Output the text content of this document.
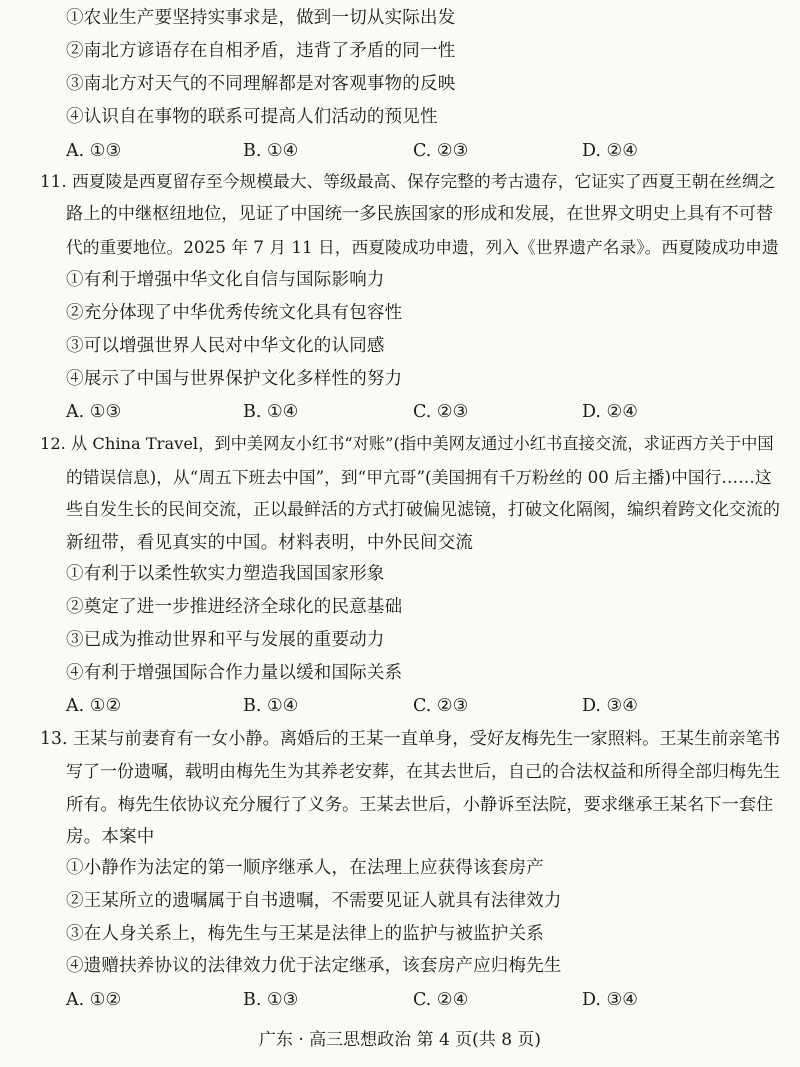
①农业生产要坚持实事求是，做到一切从实际出发
②南北方谚语存在自相矛盾，违背了矛盾的同一性
③南北方对天气的不同理解都是对客观事物的反映
④认识自在事物的联系可提高人们活动的预见性
A. ①③	B. ①④	C. ②③	D. ②④
11. 西夏陵是西夏留存至今规模最大、等级最高、保存完整的考古遗存，它证实了西夏王朝在丝绸之
路上的中继枢纽地位，见证了中国统一多民族国家的形成和发展，在世界文明史上具有不可替
代的重要地位。2025 年 7 月 11 日，西夏陵成功申遗，列入《世界遗产名录》。西夏陵成功申遗
①有利于增强中华文化自信与国际影响力
②充分体现了中华优秀传统文化具有包容性
③可以增强世界人民对中华文化的认同感
④展示了中国与世界保护文化多样性的努力
A. ①③	B. ①④	C. ②③	D. ②④
12. 从 China Travel，到中美网友小红书“对账”(指中美网友通过小红书直接交流，求证西方关于中国
的错误信息)，从“周五下班去中国”，到“甲亢哥”(美国拥有千万粉丝的 00 后主播)中国行……这
些自发生长的民间交流，正以最鲜活的方式打破偏见滤镜，打破文化隔阂，编织着跨文化交流的
新纽带，看见真实的中国。材料表明，中外民间交流
①有利于以柔性软实力塑造我国国家形象
②奠定了进一步推进经济全球化的民意基础
③已成为推动世界和平与发展的重要动力
④有利于增强国际合作力量以缓和国际关系
A. ①②	B. ①④	C. ②③	D. ③④
13. 王某与前妻育有一女小静。离婚后的王某一直单身，受好友梅先生一家照料。王某生前亲笔书
写了一份遗嘱，载明由梅先生为其养老安葬，在其去世后，自己的合法权益和所得全部归梅先生
所有。梅先生依协议充分履行了义务。王某去世后，小静诉至法院，要求继承王某名下一套住
房。本案中
①小静作为法定的第一顺序继承人，在法理上应获得该套房产
②王某所立的遗嘱属于自书遗嘱，不需要见证人就具有法律效力
③在人身关系上，梅先生与王某是法律上的监护与被监护关系
④遗赠扶养协议的法律效力优于法定继承，该套房产应归梅先生
A. ①②	B. ①③	C. ②④	D. ③④
广东 · 高三思想政治 第 4 页(共 8 页)
